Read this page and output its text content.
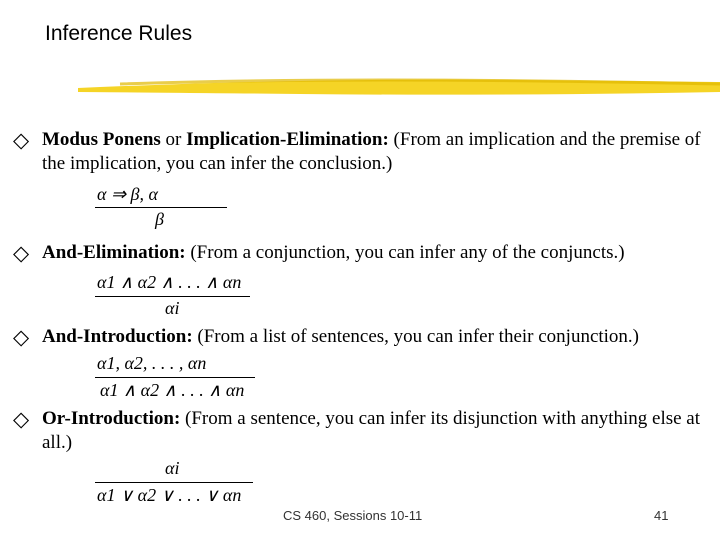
Inference Rules
◇ Modus Ponens or Implication-Elimination: (From an implication and the premise of the implication, you can infer the conclusion.)
α ⇒ β, α
β
◇ And-Elimination: (From a conjunction, you can infer any of the conjuncts.)
α1 ∧ α2 ∧ . . . ∧ αn
αi
◇ And-Introduction: (From a list of sentences, you can infer their conjunction.)
α1, α2, . . . , αn
α1 ∧ α2 ∧ . . . ∧ αn
◇ Or-Introduction: (From a sentence, you can infer its disjunction with anything else at all.)
αi
α1 ∨ α2 ∨ . . . ∨ αn
CS 460, Sessions 10-11	41
